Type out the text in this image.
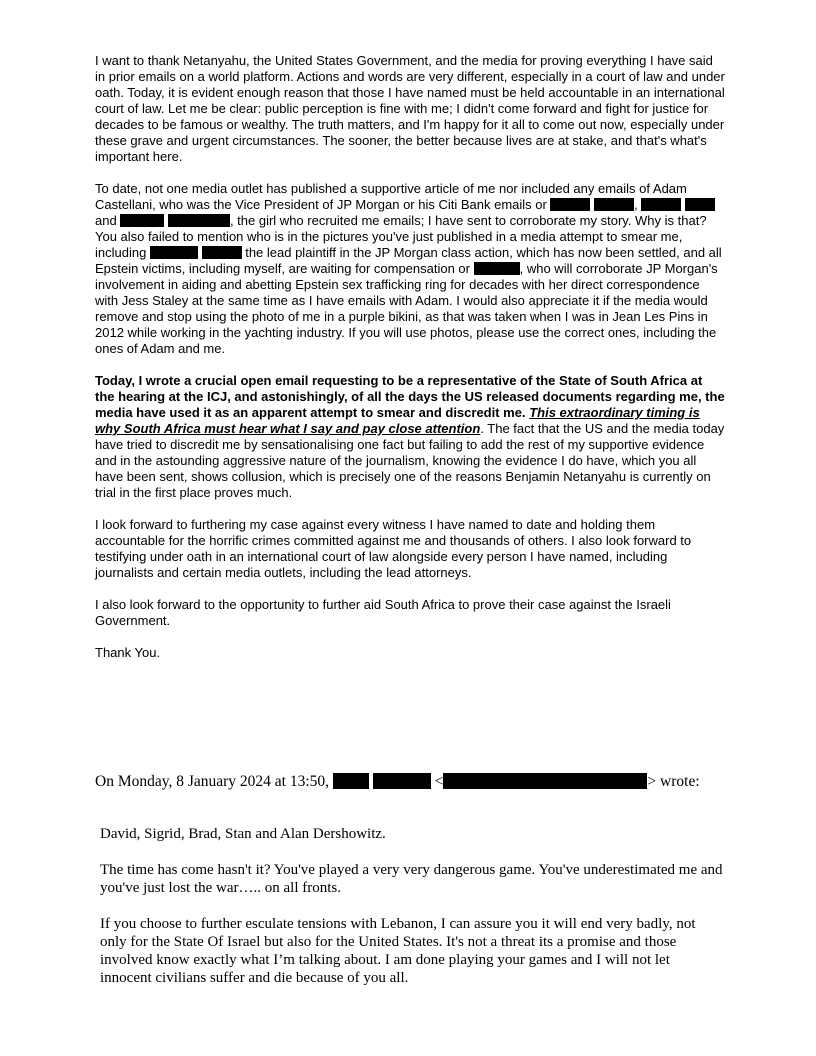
I want to thank Netanyahu, the United States Government, and the media for proving everything I have said in prior emails on a world platform. Actions and words are very different, especially in a court of law and under oath. Today, it is evident enough reason that those I have named must be held accountable in an international court of law. Let me be clear: public perception is fine with me; I didn't come forward and fight for justice for decades to be famous or wealthy. The truth matters, and I'm happy for it all to come out now, especially under these grave and urgent circumstances. The sooner, the better because lives are at stake, and that's what's important here.

To date, not one media outlet has published a supportive article of me nor included any emails of Adam Castellani, who was the Vice President of JP Morgan or his Citi Bank emails or	,   and	, the girl who recruited me emails; I have sent to corroborate my story. Why is that? You also failed to mention who is in the pictures you've just published in a media attempt to smear me, including	the lead plaintiff in the JP Morgan class action, which has now been settled, and all Epstein victims, including myself, are waiting for compensation or	, who will corroborate JP Morgan's involvement in aiding and abetting Epstein sex trafficking ring for decades with her direct correspondence with Jess Staley at the same time as I have emails with Adam. I would also appreciate it if the media would remove and stop using the photo of me in a purple bikini, as that was taken when I was in Jean Les Pins in 2012 while working in the yachting industry. If you will use photos, please use the correct ones, including the ones of Adam and me.

Today, I wrote a crucial open email requesting to be a representative of the State of South Africa at the hearing at the ICJ, and astonishingly, of all the days the US released documents regarding me, the media have used it as an apparent attempt to smear and discredit me. This extraordinary timing is why South Africa must hear what I say and pay close attention. The fact that the US and the media today have tried to discredit me by sensationalising one fact but failing to add the rest of my supportive evidence and in the astounding aggressive nature of the journalism, knowing the evidence I do have, which you all have been sent, shows collusion, which is precisely one of the reasons Benjamin Netanyahu is currently on trial in the first place proves much.

I look forward to furthering my case against every witness I have named to date and holding them accountable for the horrific crimes committed against me and thousands of others. I also look forward to testifying under oath in an international court of law alongside every person I have named, including journalists and certain media outlets, including the lead attorneys.

I also look forward to the opportunity to further aid South Africa to prove their case against the Israeli Government.

Thank You.

On Monday, 8 January 2024 at 13:50,	<	> wrote:

David, Sigrid, Brad, Stan and Alan Dershowitz.

The time has come hasn't it? You've played a very very dangerous game. You've underestimated me and you've just lost the war….. on all fronts.

If you choose to further esculate tensions with Lebanon, I can assure you it will end very badly, not only for the State Of Israel but also for the United States. It's not a threat its a promise and those involved know exactly what I’m talking about. I am done playing your games and I will not let innocent civilians suffer and die because of you all.
